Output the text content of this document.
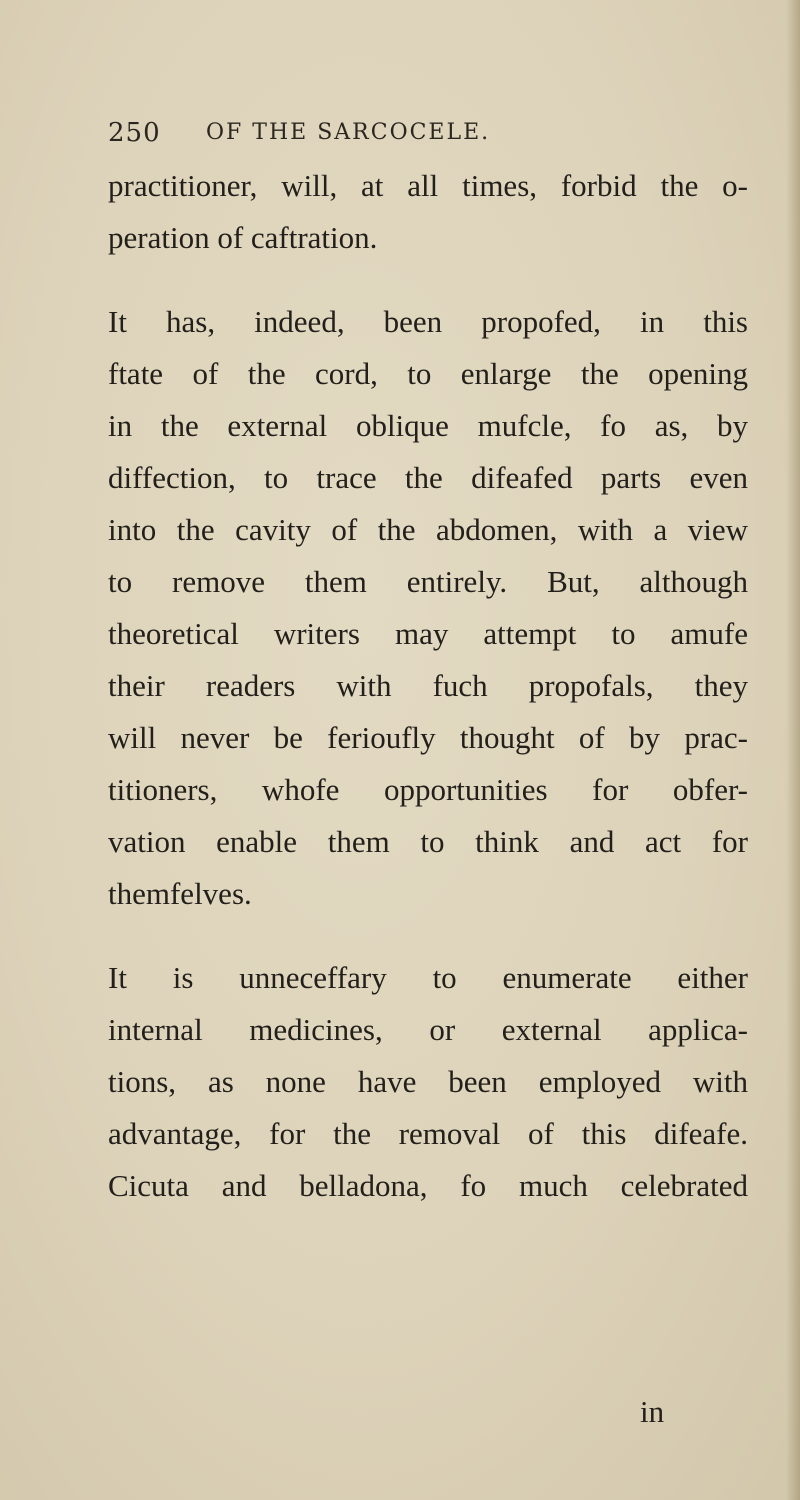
250 OF THE SARCOCELE.
practitioner, will, at all times, forbid the o-
peration of caftration.
It has, indeed, been propofed, in this
ftate of the cord, to enlarge the opening
in the external oblique mufcle, fo as, by
diffection, to trace the difeafed parts even
into the cavity of the abdomen, with a view
to remove them entirely. But, although
theoretical writers may attempt to amufe
their readers with fuch propofals, they
will never be ferioufly thought of by prac-
titioners, whofe opportunities for obfer-
vation enable them to think and act for
themfelves.
It is unneceffary to enumerate either
internal medicines, or external applica-
tions, as none have been employed with
advantage, for the removal of this difeafe.
Cicuta and belladona, fo much celebrated
in
